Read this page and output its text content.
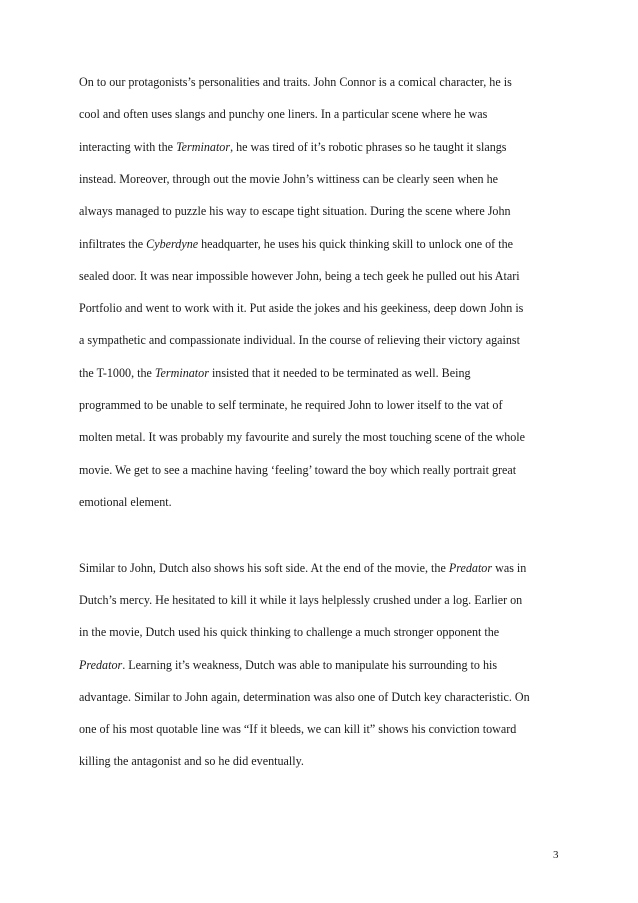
On to our protagonists’s personalities and traits. John Connor is a comical character, he is
cool and often uses slangs and punchy one liners. In a particular scene where he was
interacting with the Terminator, he was tired of it’s robotic phrases so he taught it slangs
instead. Moreover, through out the movie John’s wittiness can be clearly seen when he
always managed to puzzle his way to escape tight situation. During the scene where John
infiltrates the Cyberdyne headquarter, he uses his quick thinking skill to unlock one of the
sealed door. It was near impossible however John, being a tech geek he pulled out his Atari
Portfolio and went to work with it. Put aside the jokes and his geekiness, deep down John is
a sympathetic and compassionate individual. In the course of relieving their victory against
the T-1000, the Terminator insisted that it needed to be terminated as well. Being
programmed to be unable to self terminate, he required John to lower itself to the vat of
molten metal. It was probably my favourite and surely the most touching scene of the whole
movie. We get to see a machine having ‘feeling’ toward the boy which really portrait great
emotional element.
Similar to John, Dutch also shows his soft side. At the end of the movie, the Predator was in
Dutch’s mercy. He hesitated to kill it while it lays helplessly crushed under a log. Earlier on
in the movie, Dutch used his quick thinking to challenge a much stronger opponent the
Predator. Learning it’s weakness, Dutch was able to manipulate his surrounding to his
advantage. Similar to John again, determination was also one of Dutch key characteristic. On
one of his most quotable line was “If it bleeds, we can kill it” shows his conviction toward
killing the antagonist and so he did eventually.
3
